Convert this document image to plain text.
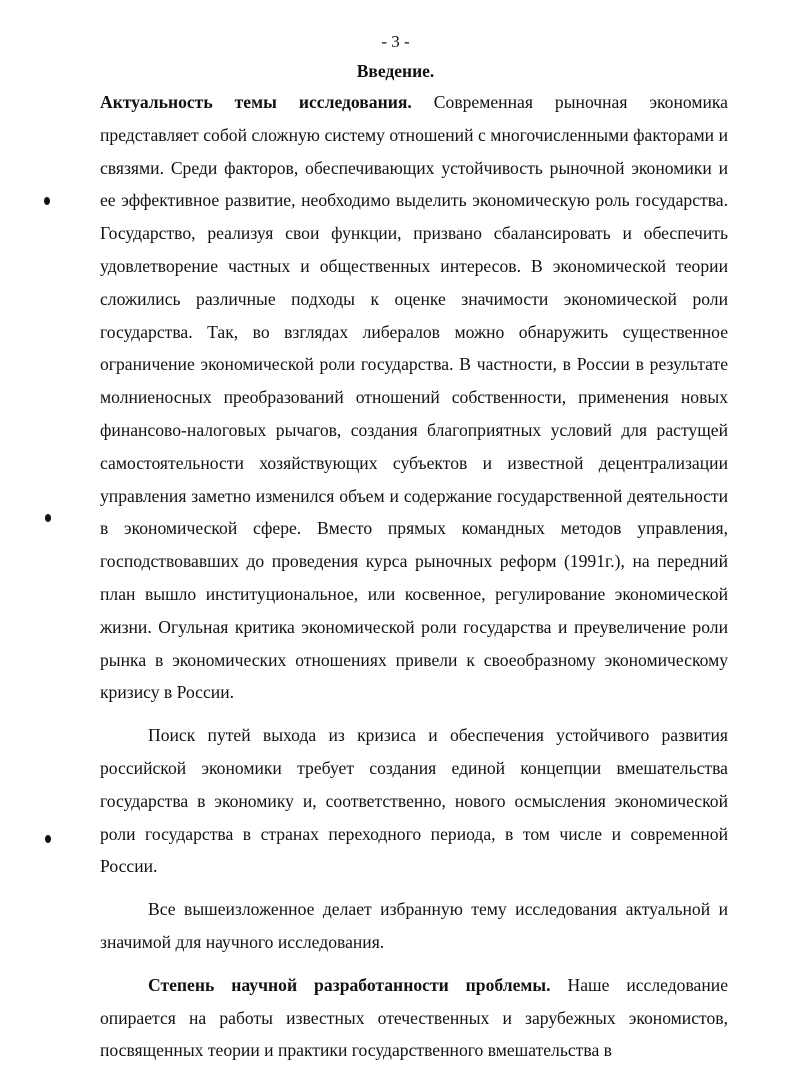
- 3 -
Введение.

Актуальность темы исследования. Современная рыночная экономика представляет собой сложную систему отношений с многочисленными факторами и связями. Среди факторов, обеспечивающих устойчивость рыночной экономики и ее эффективное развитие, необходимо выделить экономическую роль государства. Государство, реализуя свои функции, призвано сбалансировать и обеспечить удовлетворение частных и общественных интересов. В экономической теории сложились различные подходы к оценке значимости экономической роли государства. Так, во взглядах либералов можно обнаружить существенное ограничение экономической роли государства. В частности, в России в результате молниеносных преобразований отношений собственности, применения новых финансово-налоговых рычагов, создания благоприятных условий для растущей самостоятельности хозяйствующих субъектов и известной децентрализации управления заметно изменился объем и содержание государственной деятельности в экономической сфере. Вместо прямых командных методов управления, господствовавших до проведения курса рыночных реформ (1991г.), на передний план вышло институциональное, или косвенное, регулирование экономической жизни. Огульная критика экономической роли государства и преувеличение роли рынка в экономических отношениях привели к своеобразному экономическому кризису в России.

Поиск путей выхода из кризиса и обеспечения устойчивого развития российской экономики требует создания единой концепции вмешательства государства в экономику и, соответственно, нового осмысления экономической роли государства в странах переходного периода, в том числе и современной России.

Все вышеизложенное делает избранную тему исследования актуальной и значимой для научного исследования.

Степень научной разработанности проблемы. Наше исследование опирается на работы известных отечественных и зарубежных экономистов, посвященных теории и практики государственного вмешательства в
